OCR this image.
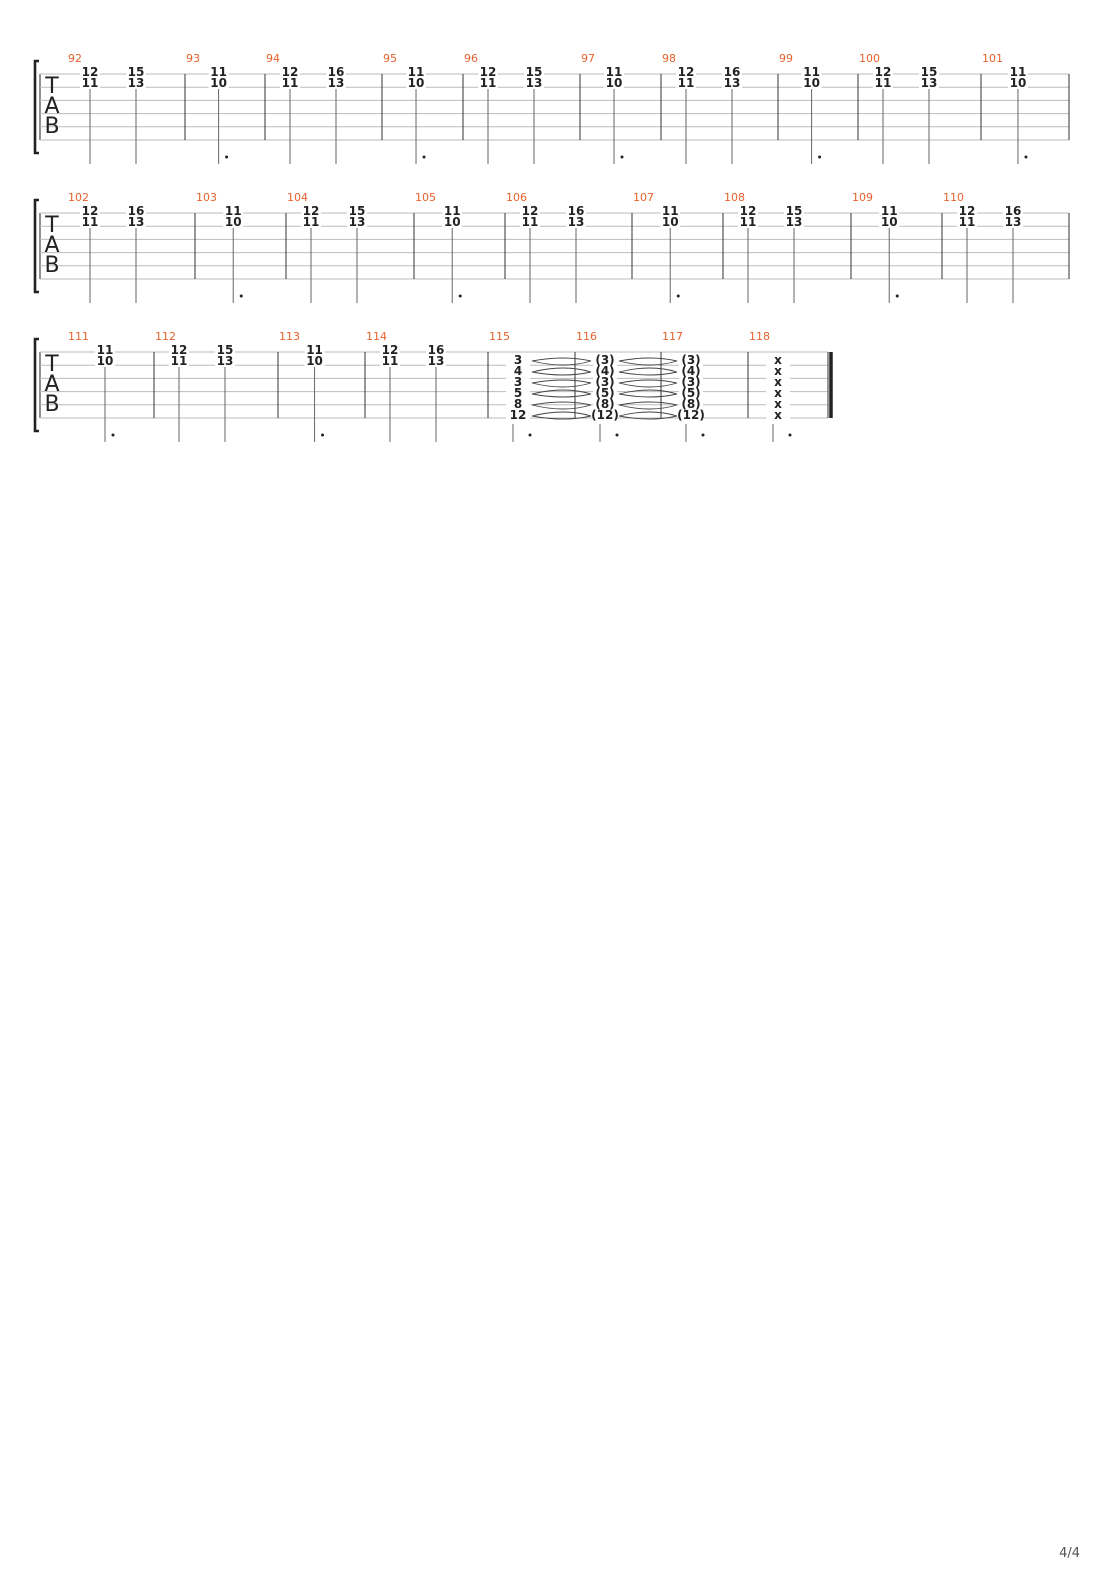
T
A
B
92
12
11
15
13
93
11
10
94
12
11
16
13
95
11
10
96
12
11
15
13
97
11
10
98
12
11
16
13
99
11
10
100
12
11
15
13
101
11
10
T
A
B
102
12
11
16
13
103
11
10
104
12
11
15
13
105
11
10
106
12
11
16
13
107
11
10
108
12
11
15
13
109
11
10
110
12
11
16
13
T
A
B
111
11
10
112
12
11
15
13
113
11
10
114
12
11
16
13
115
3
4
3
5
8
12
116
(3)
(4)
(3)
(5)
(8)
(12)
117
(3)
(4)
(3)
(5)
(8)
(12)
118
x
x
x
x
x
x
4/4
